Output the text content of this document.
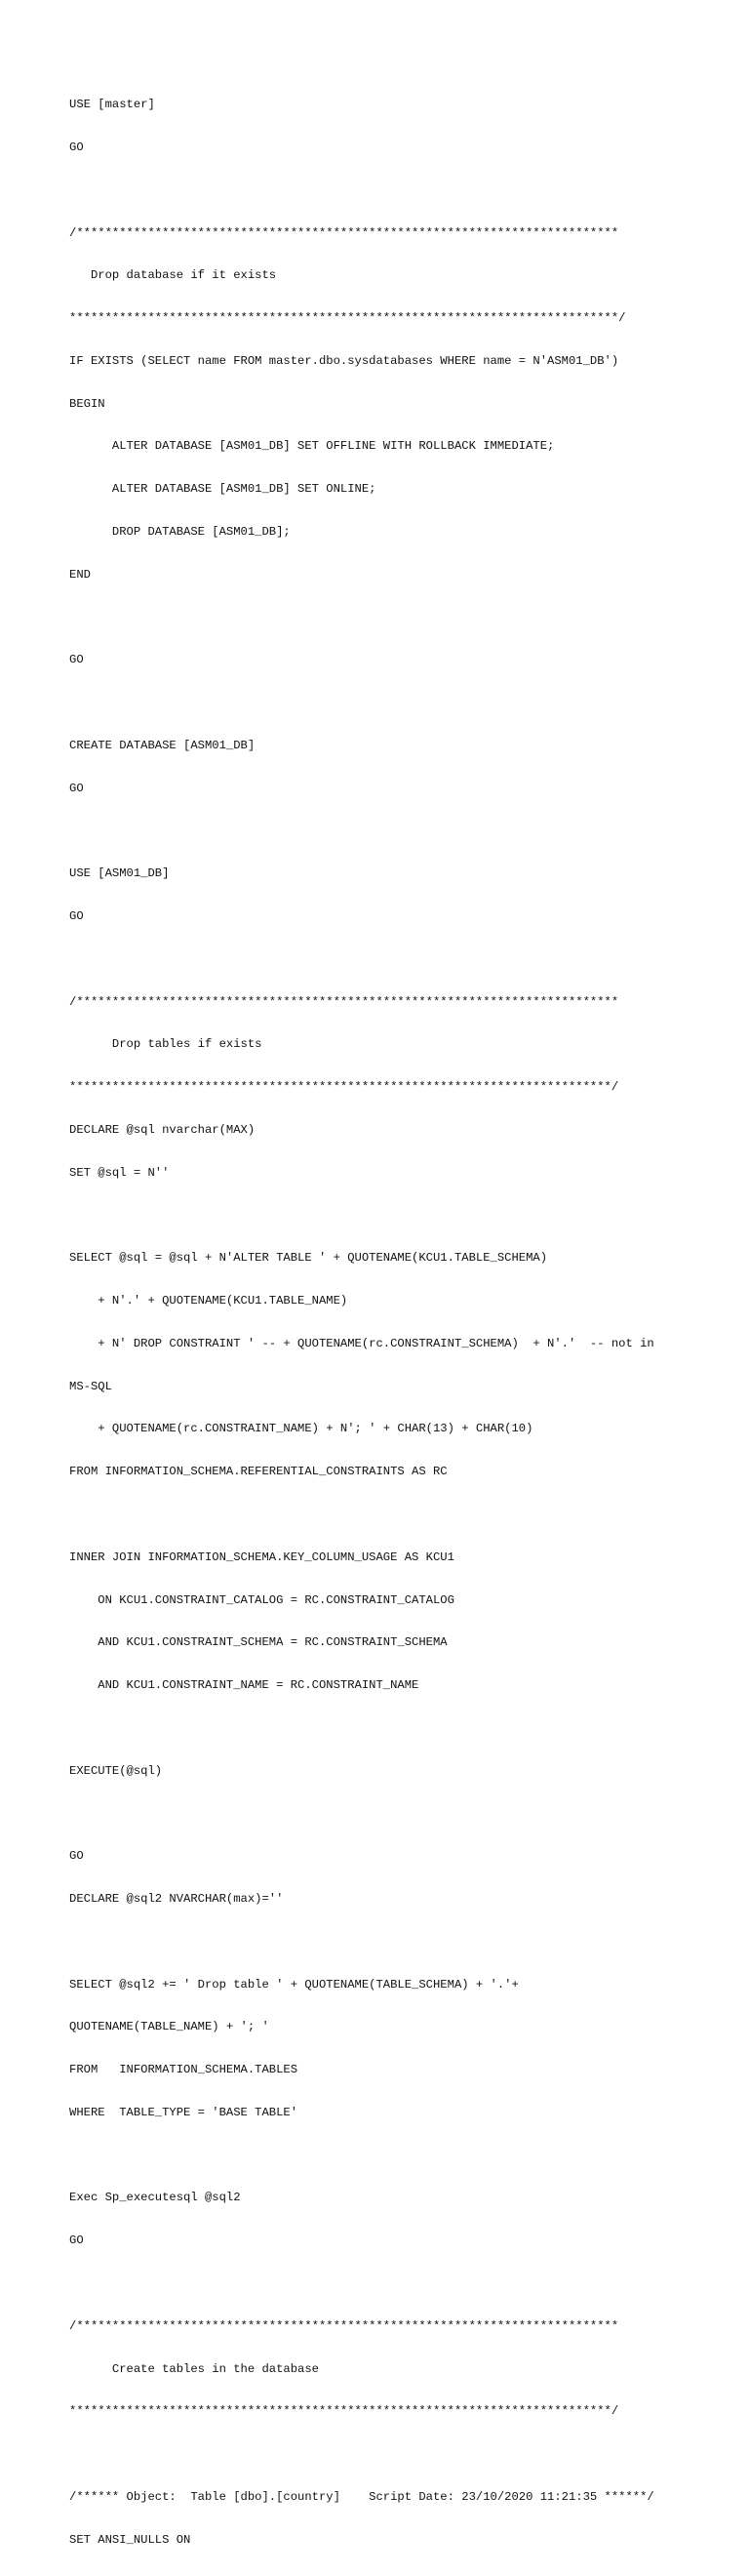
USE [master]

GO

/****************************************************************************

Drop database if it exists

*****************************************************************************/

IF EXISTS (SELECT name FROM master.dbo.sysdatabases WHERE name = N'ASM01_DB')

BEGIN

ALTER DATABASE [ASM01_DB] SET OFFLINE WITH ROLLBACK IMMEDIATE;

ALTER DATABASE [ASM01_DB] SET ONLINE;

DROP DATABASE [ASM01_DB];

END

GO

CREATE DATABASE [ASM01_DB]

GO

USE [ASM01_DB]

GO

/****************************************************************************

Drop tables if exists

****************************************************************************/

DECLARE @sql nvarchar(MAX)

SET @sql = N''

SELECT @sql = @sql + N'ALTER TABLE ' + QUOTENAME(KCU1.TABLE_SCHEMA)

+ N'.' + QUOTENAME(KCU1.TABLE_NAME)

+ N' DROP CONSTRAINT ' -- + QUOTENAME(rc.CONSTRAINT_SCHEMA)  + N'.'  -- not in

MS-SQL

+ QUOTENAME(rc.CONSTRAINT_NAME) + N'; ' + CHAR(13) + CHAR(10)

FROM INFORMATION_SCHEMA.REFERENTIAL_CONSTRAINTS AS RC

INNER JOIN INFORMATION_SCHEMA.KEY_COLUMN_USAGE AS KCU1

ON KCU1.CONSTRAINT_CATALOG = RC.CONSTRAINT_CATALOG

AND KCU1.CONSTRAINT_SCHEMA = RC.CONSTRAINT_SCHEMA

AND KCU1.CONSTRAINT_NAME = RC.CONSTRAINT_NAME

EXECUTE(@sql)

GO

DECLARE @sql2 NVARCHAR(max)=''

SELECT @sql2 += ' Drop table ' + QUOTENAME(TABLE_SCHEMA) + '.'+

QUOTENAME(TABLE_NAME) + '; '

FROM   INFORMATION_SCHEMA.TABLES

WHERE  TABLE_TYPE = 'BASE TABLE'

Exec Sp_executesql @sql2

GO

/****************************************************************************

Create tables in the database

****************************************************************************/

/****** Object:  Table [dbo].[country]    Script Date: 23/10/2020 11:21:35 ******/

SET ANSI_NULLS ON
